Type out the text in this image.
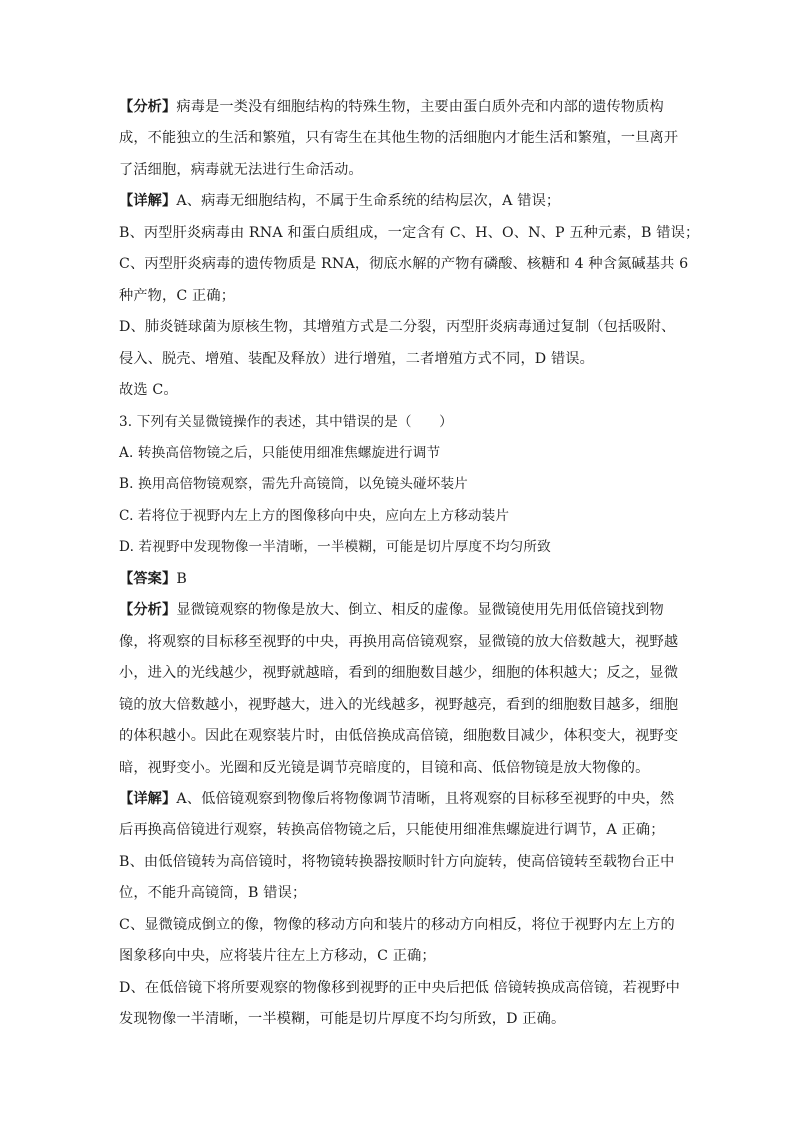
【分析】病毒是一类没有细胞结构的特殊生物，主要由蛋白质外壳和内部的遗传物质构
成，不能独立的生活和繁殖，只有寄生在其他生物的活细胞内才能生活和繁殖，一旦离开
了活细胞，病毒就无法进行生命活动。
【详解】A、病毒无细胞结构，不属于生命系统的结构层次，A 错误；
B、丙型肝炎病毒由 RNA 和蛋白质组成，一定含有 C、H、O、N、P 五种元素，B 错误；
C、丙型肝炎病毒的遗传物质是 RNA，彻底水解的产物有磷酸、核糖和 4 种含氮碱基共 6
种产物，C 正确；
D、肺炎链球菌为原核生物，其增殖方式是二分裂，丙型肝炎病毒通过复制（包括吸附、
侵入、脱壳、增殖、装配及释放）进行增殖，二者增殖方式不同，D 错误。
故选 C。
3. 下列有关显微镜操作的表述，其中错误的是（　　）
A. 转换高倍物镜之后，只能使用细准焦螺旋进行调节
B. 换用高倍物镜观察，需先升高镜筒，以免镜头碰坏装片
C. 若将位于视野内左上方的图像移向中央，应向左上方移动装片
D. 若视野中发现物像一半清晰，一半模糊，可能是切片厚度不均匀所致
【答案】B
【分析】显微镜观察的物像是放大、倒立、相反的虚像。显微镜使用先用低倍镜找到物
像，将观察的目标移至视野的中央，再换用高倍镜观察，显微镜的放大倍数越大，视野越
小，进入的光线越少，视野就越暗，看到的细胞数目越少，细胞的体积越大；反之，显微
镜的放大倍数越小，视野越大，进入的光线越多，视野越亮，看到的细胞数目越多，细胞
的体积越小。因此在观察装片时，由低倍换成高倍镜，细胞数目减少，体积变大，视野变
暗，视野变小。光圈和反光镜是调节亮暗度的，目镜和高、低倍物镜是放大物像的。
【详解】A、低倍镜观察到物像后将物像调节清晰，且将观察的目标移至视野的中央，然
后再换高倍镜进行观察，转换高倍物镜之后，只能使用细准焦螺旋进行调节，A 正确；
B、由低倍镜转为高倍镜时，将物镜转换器按顺时针方向旋转，使高倍镜转至载物台正中
位，不能升高镜筒，B 错误；
C、显微镜成倒立的像，物像的移动方向和装片的移动方向相反，将位于视野内左上方的
图象移向中央，应将装片往左上方移动，C 正确；
D、在低倍镜下将所要观察的物像移到视野的正中央后把低 倍镜转换成高倍镜，若视野中
发现物像一半清晰，一半模糊，可能是切片厚度不均匀所致，D 正确。
